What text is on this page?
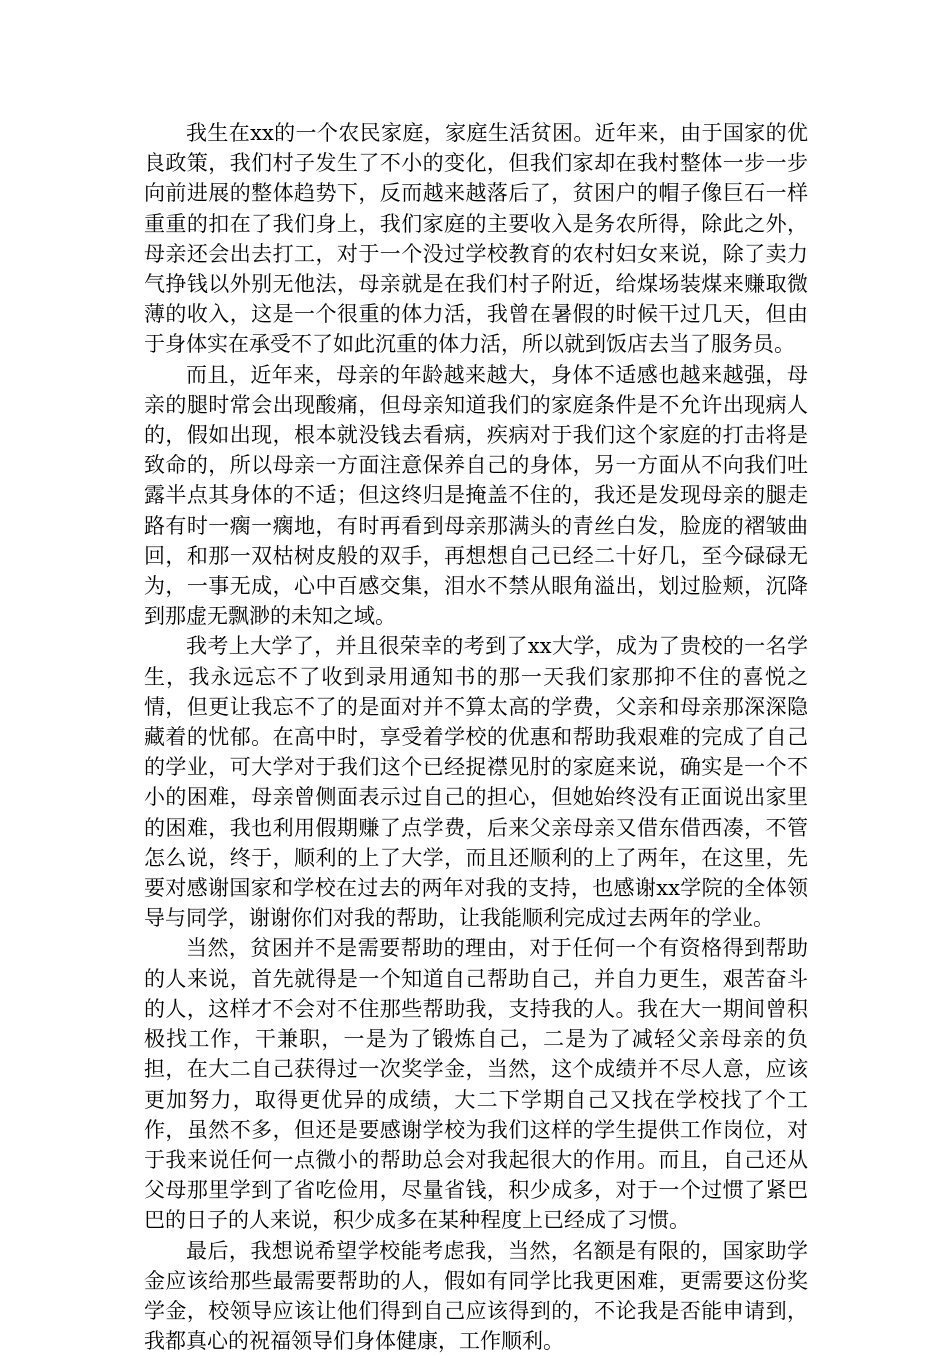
我生在xx的一个农民家庭，家庭生活贫困。近年来，由于国家的优良政策，我们村子发生了不小的变化，但我们家却在我村整体一步一步向前进展的整体趋势下，反而越来越落后了，贫困户的帽子像巨石一样重重的扣在了我们身上，我们家庭的主要收入是务农所得，除此之外，母亲还会出去打工，对于一个没过学校教育的农村妇女来说，除了卖力气挣钱以外别无他法，母亲就是在我们村子附近，给煤场装煤来赚取微薄的收入，这是一个很重的体力活，我曾在暑假的时候干过几天，但由于身体实在承受不了如此沉重的体力活，所以就到饭店去当了服务员。

而且，近年来，母亲的年龄越来越大，身体不适感也越来越强，母亲的腿时常会出现酸痛，但母亲知道我们的家庭条件是不允许出现病人的，假如出现，根本就没钱去看病，疾病对于我们这个家庭的打击将是致命的，所以母亲一方面注意保养自己的身体，另一方面从不向我们吐露半点其身体的不适；但这终归是掩盖不住的，我还是发现母亲的腿走路有时一瘸一瘸地，有时再看到母亲那满头的青丝白发，脸庞的褶皱曲回，和那一双枯树皮般的双手，再想想自己已经二十好几，至今碌碌无为，一事无成，心中百感交集，泪水不禁从眼角溢出，划过脸颊，沉降到那虚无飘渺的未知之域。

我考上大学了，并且很荣幸的考到了xx大学，成为了贵校的一名学生，我永远忘不了收到录用通知书的那一天我们家那抑不住的喜悦之情，但更让我忘不了的是面对并不算太高的学费，父亲和母亲那深深隐藏着的忧郁。在高中时，享受着学校的优惠和帮助我艰难的完成了自己的学业，可大学对于我们这个已经捉襟见肘的家庭来说，确实是一个不小的困难，母亲曾侧面表示过自己的担心，但她始终没有正面说出家里的困难，我也利用假期赚了点学费，后来父亲母亲又借东借西凑，不管怎么说，终于，顺利的上了大学，而且还顺利的上了两年，在这里，先要对感谢国家和学校在过去的两年对我的支持，也感谢xx学院的全体领导与同学，谢谢你们对我的帮助，让我能顺利完成过去两年的学业。

当然，贫困并不是需要帮助的理由，对于任何一个有资格得到帮助的人来说，首先就得是一个知道自己帮助自己，并自力更生，艰苦奋斗的人，这样才不会对不住那些帮助我，支持我的人。我在大一期间曾积极找工作，干兼职，一是为了锻炼自己，二是为了减轻父亲母亲的负担，在大二自己获得过一次奖学金，当然，这个成绩并不尽人意，应该更加努力，取得更优异的成绩，大二下学期自己又找在学校找了个工作，虽然不多，但还是要感谢学校为我们这样的学生提供工作岗位，对于我来说任何一点微小的帮助总会对我起很大的作用。而且，自己还从父母那里学到了省吃俭用，尽量省钱，积少成多，对于一个过惯了紧巴巴的日子的人来说，积少成多在某种程度上已经成了习惯。

最后，我想说希望学校能考虑我，当然，名额是有限的，国家助学金应该给那些最需要帮助的人，假如有同学比我更困难，更需要这份奖学金，校领导应该让他们得到自己应该得到的，不论我是否能申请到，我都真心的祝福领导们身体健康，工作顺利。
